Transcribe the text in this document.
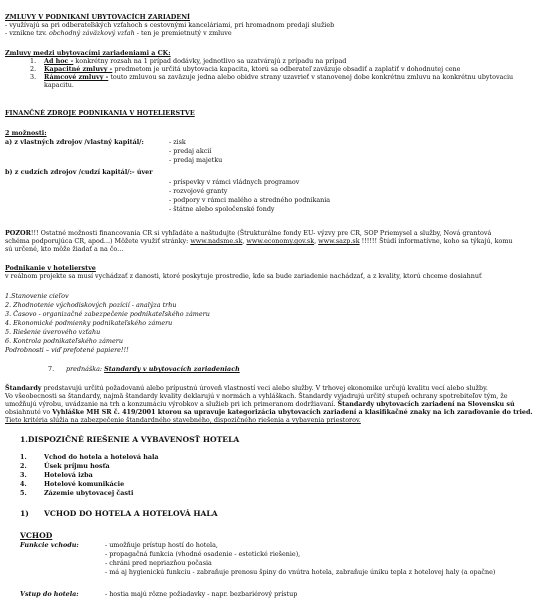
ZMLUVY V PODNIKANÍ UBYTOVACÍCH ZARIADENÍ
- využívajú sa pri odberateľských vzťahoch s cestovnými kanceláriami, pri hromadnom predaji služieb
- vznikne tzv. obchodný záväzkový vzťah - ten je premietnutý v zmluve
Zmluvy medzi ubytovacími zariadeniami a CK:
1. Ad hoc - konkrétny rozsah na 1 prípad dodávky, jednotlivo sa uzatvárajú z prípadu na prípad
2. Kapacitné zmluvy - predmetom je určitá ubytovacia kapacita, ktorú sa odberateľ zaväzuje obsadiť a zaplatiť v dohodnutej cene
3. Rámcové zmluvy - touto zmluvou sa zaväzuje jedna alebo obidve strany uzavrieť v stanovenej dobe konkrétnu zmluvu na konkrétnu ubytovaciu
kapacitu.
FINANČNÉ ZDROJE PODNIKANIA V HOTELIERSTVE
2 možnosti:
a) z vlastných zdrojov /vlastný kapitál/:	- zisk
- predaj akcií
- predaj majetku
b) z cudzích zdrojov /cudzí kapitál/:- úver
- príspevky v rámci vládnych programov
- rozvojové granty
- podpory v rámci malého a stredného podnikania
- štátne alebo spoločenské fondy
POZOR!!! Ostatné možnosti financovania CR si vyhľadáte a naštudujte (Štrukturálne fondy EU- výzvy pre CR, SOP Priemysel a služby, Nová grantová
schéma podporujúca CR, apod...) Môžete využiť stránky: www.nadsme.sk, www.economy.gov.sk, www.sazp.sk !!!!!! Štúdí informatívne, koho sa týkajú, komu
sú určené, kto môže žiadať a na čo...
Podnikanie v hotelierstve
v reálnom projekte sa musí vychádzať z danosti, ktoré poskytuje prostredie, kde sa bude zariadenie nachádzať, a z kvality, ktorú chceme dosiahnuť
1.Stanovenie cieľov
2. Zhodnotenie východiskových pozícií - analýza trhu
3. Časovo - organizačné zabezpečenie podnikateľského zámeru
4. Ekonomické podmienky podnikateľského zámeru
5. Riešenie úverového vzťahu
6. Kontrola podnikateľského zámeru
Podrobnosti – viď prefotené papiere!!!
7. prednáška: Standardy v ubytovacích zariadeniach
Štandardy predstavujú určitú požadovanú alebo prípustnú úroveň vlastností veci alebo služby. V trhovej ekonomike určujú kvalitu vecí alebo služby.
Vo všeobecnosti sa štandardy, najmä štandardy kvality deklarujú v normách a vyhláškach. Štandardy vyjadrujú určitý stupeň ochrany spotrebiteľov tým, že
umožňujú výrobu, uvádzanie na trh a konzumáciu výrobkov a služieb pri ich primeranom dodržiavaní. Štandardy ubytovacích zariadení na Slovensku sú
obsiahnuté vo Vyhláške MH SR č. 419/2001 ktorou sa upravuje kategorizácia ubytovacích zariadení a klasifikačné znaky na ich zaraďovanie do tried.
Tieto kritéria slúžia na zabezpečenie štandardného stavebného, dispozičného riešenia a vybavenia priestorov.
1.DISPOZIČNÉ RIEŠENIE A VYBAVENOSŤ HOTELA
1.	Vchod do hotela a hotelová hala
2.	Úsek príjmu hosťa
3.	Hotelová izba
4.	Hotelové komunikácie
5.	Zázemie ubytovacej časti
1) VCHOD DO HOTELA A HOTELOVÁ HALA
VCHOD
Funkcie vchodu:	- umožňuje prístup hostí do hotela,
- propagačná funkcia (vhodné osadenie - estetické riešenie),
- chráni pred nepriazňou počasia
- má aj hygienickú funkciu - zabraňuje prenosu špiny do vnútra hotela, zabraňuje úniku tepla z hotelovej haly (a opačne)
Vstup do hotela:	- hostia majú rôzne požiadavky - napr. bezbariérový prístup
